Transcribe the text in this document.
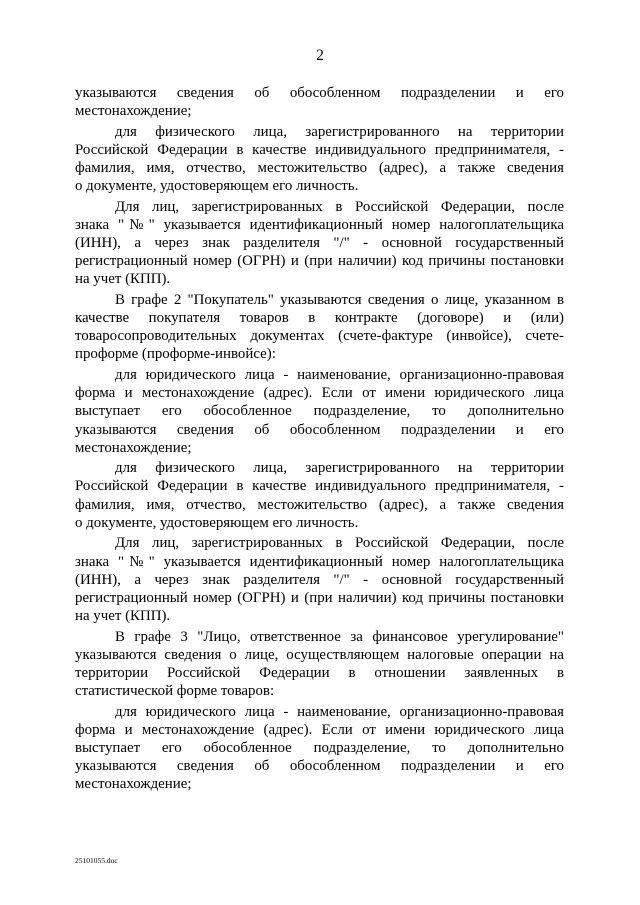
2
указываются сведения об обособленном подразделении и его
местонахождение;
для физического лица, зарегистрированного на территории
Российской Федерации в качестве индивидуального предпринимателя, -
фамилия, имя, отчество, местожительство (адрес), а также сведения
о документе, удостоверяющем его личность.
Для лиц, зарегистрированных в Российской Федерации, после
знака "№" указывается идентификационный номер налогоплательщика
(ИНН), а через знак разделителя "/" - основной государственный
регистрационный номер (ОГРН) и (при наличии) код причины постановки
на учет (КПП).
В графе 2 "Покупатель" указываются сведения о лице, указанном в
качестве покупателя товаров в контракте (договоре) и (или)
товаросопроводительных документах (счете-фактуре (инвойсе), счете-
проформе (проформе-инвойсе):
для юридического лица - наименование, организационно-правовая
форма и местонахождение (адрес). Если от имени юридического лица
выступает его обособленное подразделение, то дополнительно
указываются сведения об обособленном подразделении и его
местонахождение;
для физического лица, зарегистрированного на территории
Российской Федерации в качестве индивидуального предпринимателя, -
фамилия, имя, отчество, местожительство (адрес), а также сведения
о документе, удостоверяющем его личность.
Для лиц, зарегистрированных в Российской Федерации, после
знака "№" указывается идентификационный номер налогоплательщика
(ИНН), а через знак разделителя "/" - основной государственный
регистрационный номер (ОГРН) и (при наличии) код причины постановки
на учет (КПП).
В графе 3 "Лицо, ответственное за финансовое урегулирование"
указываются сведения о лице, осуществляющем налоговые операции на
территории Российской Федерации в отношении заявленных в
статистической форме товаров:
для юридического лица - наименование, организационно-правовая
форма и местонахождение (адрес). Если от имени юридического лица
выступает его обособленное подразделение, то дополнительно
указываются сведения об обособленном подразделении и его
местонахождение;
25101055.doc
